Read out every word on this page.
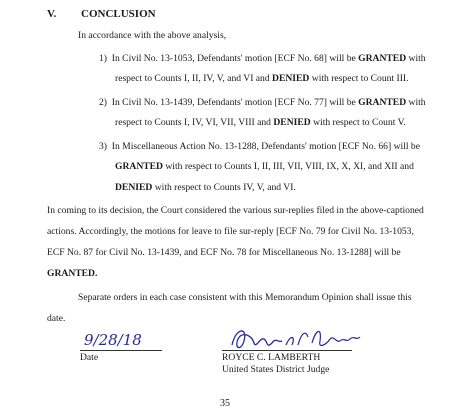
V. CONCLUSION
In accordance with the above analysis,
1) In Civil No. 13-1053, Defendants' motion [ECF No. 68] will be GRANTED with
respect to Counts I, II, IV, V, and VI and DENIED with respect to Count III.
2) In Civil No. 13-1439, Defendants' motion [ECF No. 77] will be GRANTED with
respect to Counts I, IV, VI, VII, VIII and DENIED with respect to Count V.
3) In Miscellaneous Action No. 13-1288, Defendants' motion [ECF No. 66] will be
GRANTED with respect to Counts I, II, III, VII, VIII, IX, X, XI, and XII and
DENIED with respect to Counts IV, V, and VI.
In coming to its decision, the Court considered the various sur-replies filed in the above-captioned
actions. Accordingly, the motions for leave to file sur-reply [ECF No. 79 for Civil No. 13-1053,
ECF No. 87 for Civil No. 13-1439, and ECF No. 78 for Miscellaneous No. 13-1288] will be
GRANTED.
Separate orders in each case consistent with this Memorandum Opinion shall issue this
date.
9/28/18
Date	ROYCE C. LAMBERTH
United States District Judge
35
